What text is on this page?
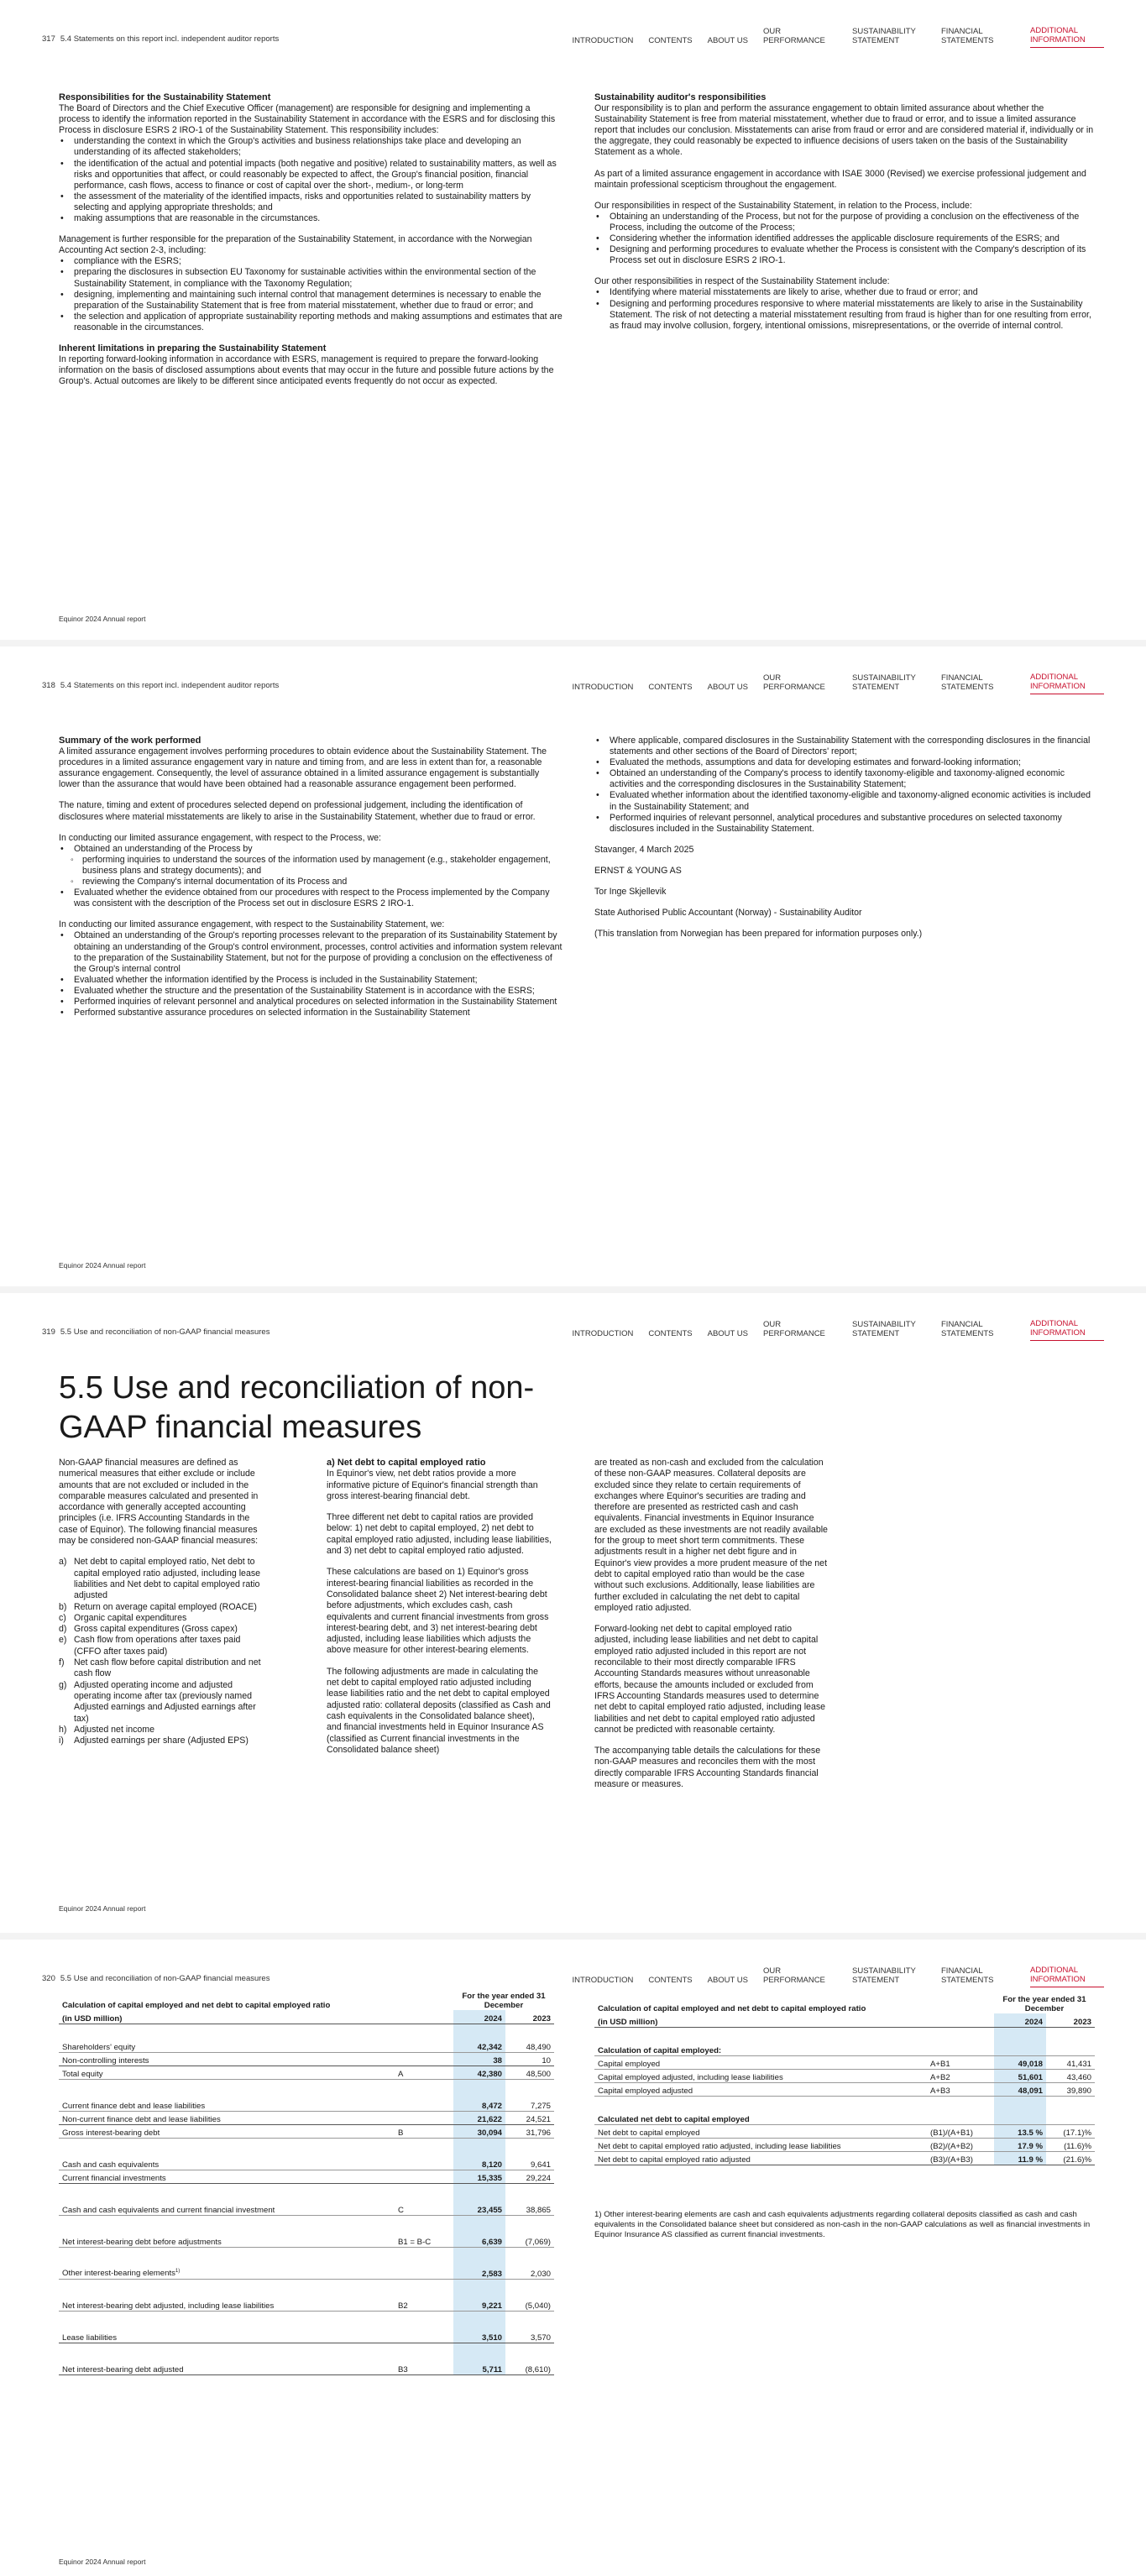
317 5.4 Statements on this report incl. independent auditor reports	INTRODUCTION CONTENTS ABOUT US
OUR PERFORMANCE
SUSTAINABILITY STATEMENT
FINANCIAL STATEMENTS
ADDITIONAL INFORMATION
Responsibilities for the Sustainability Statement

The Board of Directors and the Chief Executive Officer (management) are responsible for designing and implementing a process to identify the information reported in the Sustainability Statement in accordance with the ESRS and for disclosing this Process in disclosure ESRS 2 IRO-1 of the Sustainability Statement. This responsibility includes:

• understanding the context in which the Group's activities and business relationships take place and developing an understanding of its affected stakeholders;
• the identification of the actual and potential impacts (both negative and positive) related to sustainability matters, as well as risks and opportunities that affect, or could reasonably be expected to affect, the Group's financial position, financial performance, cash flows, access to finance or cost of capital over the short-, medium-, or long-term
• the assessment of the materiality of the identified impacts, risks and opportunities related to sustainability matters by selecting and applying appropriate thresholds; and
• making assumptions that are reasonable in the circumstances.

Management is further responsible for the preparation of the Sustainability Statement, in accordance with the Norwegian Accounting Act section 2-3, including:

• compliance with the ESRS;
• preparing the disclosures in subsection EU Taxonomy for sustainable activities within the environmental section of the Sustainability Statement, in compliance with the Taxonomy Regulation;
• designing, implementing and maintaining such internal control that management determines is necessary to enable the preparation of the Sustainability Statement that is free from material misstatement, whether due to fraud or error; and
• the selection and application of appropriate sustainability reporting methods and making assumptions and estimates that are reasonable in the circumstances.
Inherent limitations in preparing the Sustainability Statement

In reporting forward-looking information in accordance with ESRS, management is required to prepare the forward-looking information on the basis of disclosed assumptions about events that may occur in the future and possible future actions by the Group's. Actual outcomes are likely to be different since anticipated events frequently do not occur as expected.

Sustainability auditor's responsibilities

Our responsibility is to plan and perform the assurance engagement to obtain limited assurance about whether the Sustainability Statement is free from material misstatement, whether due to fraud or error, and to issue a limited assurance report that includes our conclusion. Misstatements can arise from fraud or error and are considered material if, individually or in the aggregate, they could reasonably be expected to influence decisions of users taken on the basis of the Sustainability Statement as a whole.

As part of a limited assurance engagement in accordance with ISAE 3000 (Revised) we exercise professional judgement and maintain professional scepticism throughout the engagement.

Our responsibilities in respect of the Sustainability Statement, in relation to the Process, include:

• Obtaining an understanding of the Process, but not for the purpose of providing a conclusion on the effectiveness of the Process, including the outcome of the Process;
• Considering whether the information identified addresses the applicable disclosure requirements of the ESRS; and
• Designing and performing procedures to evaluate whether the Process is consistent with the Company's description of its Process set out in disclosure ESRS 2 IRO-1.

Our other responsibilities in respect of the Sustainability Statement include:

• Identifying where material misstatements are likely to arise, whether due to fraud or error; and
• Designing and performing procedures responsive to where material misstatements are likely to arise in the Sustainability Statement. The risk of not detecting a material misstatement resulting from fraud is higher than for one resulting from error, as fraud may involve collusion, forgery, intentional omissions, misrepresentations, or the override of internal control.
Equinor 2024 Annual report
318 5.4 Statements on this report incl. independent auditor reports	INTRODUCTION CONTENTS ABOUT US
OUR PERFORMANCE
SUSTAINABILITY STATEMENT
FINANCIAL STATEMENTS
ADDITIONAL INFORMATION
Summary of the work performed

A limited assurance engagement involves performing procedures to obtain evidence about the Sustainability Statement. The procedures in a limited assurance engagement vary in nature and timing from, and are less in extent than for, a reasonable assurance engagement. Consequently, the level of assurance obtained in a limited assurance engagement is substantially lower than the assurance that would have been obtained had a reasonable assurance engagement been performed.

The nature, timing and extent of procedures selected depend on professional judgement, including the identification of disclosures where material misstatements are likely to arise in the Sustainability Statement, whether due to fraud or error.

In conducting our limited assurance engagement, with respect to the Process, we:

• Obtained an understanding of the Process by
◦ performing inquiries to understand the sources of the information used by management (e.g., stakeholder engagement, business plans and strategy documents); and
◦ reviewing the Company's internal documentation of its Process and
• Evaluated whether the evidence obtained from our procedures with respect to the Process implemented by the Company was consistent with the description of the Process set out in disclosure ESRS 2 IRO-1.

In conducting our limited assurance engagement, with respect to the Sustainability Statement, we:

• Obtained an understanding of the Group's reporting processes relevant to the preparation of its Sustainability Statement by obtaining an understanding of the Group's control environment, processes, control activities and information system relevant to the preparation of the Sustainability Statement, but not for the purpose of providing a conclusion on the effectiveness of the Group's internal control
• Evaluated whether the information identified by the Process is included in the Sustainability Statement;
• Evaluated whether the structure and the presentation of the Sustainability Statement is in accordance with the ESRS;
• Performed inquiries of relevant personnel and analytical procedures on selected information in the Sustainability Statement
• Performed substantive assurance procedures on selected information in the Sustainability Statement
• Where applicable, compared disclosures in the Sustainability Statement with the corresponding disclosures in the financial statements and other sections of the Board of Directors' report;
• Evaluated the methods, assumptions and data for developing estimates and forward-looking information;
• Obtained an understanding of the Company's process to identify taxonomy-eligible and taxonomy-aligned economic activities and the corresponding disclosures in the Sustainability Statement;
• Evaluated whether information about the identified taxonomy-eligible and taxonomy-aligned economic activities is included in the Sustainability Statement; and
• Performed inquiries of relevant personnel, analytical procedures and substantive procedures on selected taxonomy disclosures included in the Sustainability Statement.

Stavanger, 4 March 2025

ERNST & YOUNG AS

Tor Inge Skjellevik

State Authorised Public Accountant (Norway) - Sustainability Auditor

(This translation from Norwegian has been prepared for information purposes only.)

Equinor 2024 Annual report
319 5.5 Use and reconciliation of non-GAAP financial measures	INTRODUCTION CONTENTS ABOUT US
OUR PERFORMANCE
SUSTAINABILITY STATEMENT
FINANCIAL STATEMENTS
ADDITIONAL INFORMATION
5.5 Use and reconciliation of non-GAAP financial measures

Non-GAAP financial measures are defined as numerical measures that either exclude or include amounts that are not excluded or included in the comparable measures calculated and presented in accordance with generally accepted accounting principles (i.e. IFRS Accounting Standards in the case of Equinor). The following financial measures may be considered non-GAAP financial measures:

a) Net debt to capital employed ratio, Net debt to capital employed ratio adjusted, including lease liabilities and Net debt to capital employed ratio adjusted
b) Return on average capital employed (ROACE)
c) Organic capital expenditures
d) Gross capital expenditures (Gross capex)
e) Cash flow from operations after taxes paid (CFFO after taxes paid)
f) Net cash flow before capital distribution and net cash flow
g) Adjusted operating income and adjusted operating income after tax (previously named Adjusted earnings and Adjusted earnings after tax)
h) Adjusted net income
i) Adjusted earnings per share (Adjusted EPS)
a) Net debt to capital employed ratio

In Equinor's view, net debt ratios provide a more informative picture of Equinor's financial strength than gross interest-bearing financial debt.

Three different net debt to capital ratios are provided below: 1) net debt to capital employed, 2) net debt to capital employed ratio adjusted, including lease liabilities, and 3) net debt to capital employed ratio adjusted.

These calculations are based on 1) Equinor's gross interest-bearing financial liabilities as recorded in the Consolidated balance sheet 2) Net interest-bearing debt before adjustments, which excludes cash, cash equivalents and current financial investments from gross interest-bearing debt, and 3) net interest-bearing debt adjusted, including lease liabilities which adjusts the above measure for other interest-bearing elements.

The following adjustments are made in calculating the net debt to capital employed ratio adjusted including lease liabilities ratio and the net debt to capital employed adjusted ratio: collateral deposits (classified as Cash and cash equivalents in the Consolidated balance sheet), and financial investments held in Equinor Insurance AS (classified as Current financial investments in the Consolidated balance sheet)

are treated as non-cash and excluded from the calculation of these non-GAAP measures. Collateral deposits are excluded since they relate to certain requirements of exchanges where Equinor's securities are trading and therefore are presented as restricted cash and cash equivalents. Financial investments in Equinor Insurance are excluded as these investments are not readily available for the group to meet short term commitments. These adjustments result in a higher net debt figure and in Equinor's view provides a more prudent measure of the net debt to capital employed ratio than would be the case without such exclusions. Additionally, lease liabilities are further excluded in calculating the net debt to capital employed ratio adjusted.

Forward-looking net debt to capital employed ratio adjusted, including lease liabilities and net debt to capital employed ratio adjusted included in this report are not reconcilable to their most directly comparable IFRS Accounting Standards measures without unreasonable efforts, because the amounts included or excluded from IFRS Accounting Standards measures used to determine net debt to capital employed ratio adjusted, including lease liabilities and net debt to capital employed ratio adjusted cannot be predicted with reasonable certainty.

The accompanying table details the calculations for these non-GAAP measures and reconciles them with the most directly comparable IFRS Accounting Standards financial measure or measures.

Equinor 2024 Annual report
320 5.5 Use and reconciliation of non-GAAP financial measures	INTRODUCTION CONTENTS ABOUT US
OUR PERFORMANCE
SUSTAINABILITY STATEMENT
FINANCIAL STATEMENTS
ADDITIONAL INFORMATION
Calculation of capital employed and net debt to capital employed ratio		For the year ended 31 December	
(in USD million)		2024	2023

Shareholders' equity		42,342	48,490
Non-controlling interests		38	10
Total equity	A	42,380	48,500

Current finance debt and lease liabilities		8,472	7,275
Non-current finance debt and lease liabilities		21,622	24,521
Gross interest-bearing debt	B	30,094	31,796

Cash and cash equivalents		8,120	9,641
Current financial investments		15,335	29,224

Cash and cash equivalents and current financial investment	C	23,455	38,865

Net interest-bearing debt before adjustments	B1 = B-C	6,639	(7,069)

Other interest-bearing elements$^{1)}$		2,583	2,030

Net interest-bearing debt adjusted, including lease liabilities	B2	9,221	(5,040)

Lease liabilities		3,510	3,570

Net interest-bearing debt adjusted	B3	5,711	(8,610)
Calculation of capital employed and net debt to capital employed ratio		For the year ended 31 December	
(in USD million)		2024	2023

Calculation of capital employed:			
Capital employed	A+B1	49,018	41,431
Capital employed adjusted, including lease liabilities	A+B2	51,601	43,460
Capital employed adjusted	A+B3	48,091	39,890

Calculated net debt to capital employed			
Net debt to capital employed	(B1)/(A+B1)	13.5 %	(17.1)%
Net debt to capital employed ratio adjusted, including lease liabilities	(B2)/(A+B2)	17.9 %	(11.6)%
Net debt to capital employed ratio adjusted	(B3)/(A+B3)	11.9 %	(21.6)%
1) Other interest-bearing elements are cash and cash equivalents adjustments regarding collateral deposits classified as cash and cash equivalents in the Consolidated balance sheet but considered as non-cash in the non-GAAP calculations as well as financial investments in Equinor Insurance AS classified as current financial investments.
Equinor 2024 Annual report
